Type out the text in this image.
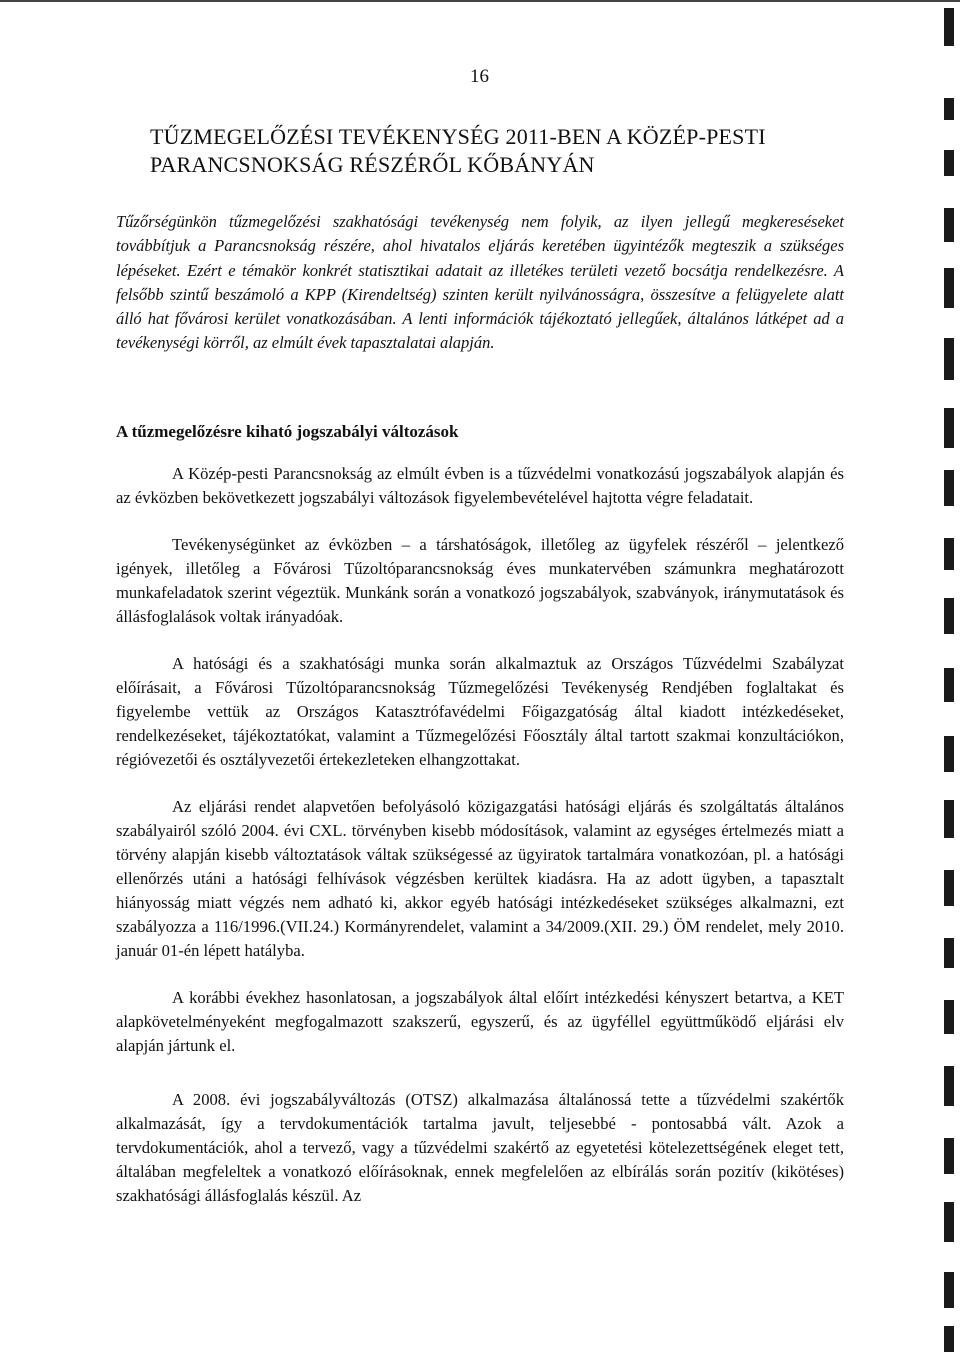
16
TŰZMEGELŐZÉSI TEVÉKENYSÉG 2011-BEN A KÖZÉP-PESTI
PARANCSNOKSÁG RÉSZÉRŐL KŐBÁNYÁN
Tűzőrségünkön tűzmegelőzési szakhatósági tevékenység nem folyik, az ilyen jellegű megkereséseket továbbítjuk a Parancsnokság részére, ahol hivatalos eljárás keretében ügyintézők megteszik a szükséges lépéseket. Ezért e témakör konkrét statisztikai adatait az illetékes területi vezető bocsátja rendelkezésre. A felsőbb szintű beszámoló a KPP (Kirendeltség) szinten került nyilvánosságra, összesítve a felügyelete alatt álló hat fővárosi kerület vonatkozásában. A lenti információk tájékoztató jellegűek, általános látképet ad a tevékenységi körről, az elmúlt évek tapasztalatai alapján.
A tűzmegelőzésre kiható jogszabályi változások

A Közép-pesti Parancsnokság az elmúlt évben is a tűzvédelmi vonatkozású jogszabályok alapján és az évközben bekövetkezett jogszabályi változások figyelembevételével hajtotta végre feladatait.

Tevékenységünket az évközben – a társhatóságok, illetőleg az ügyfelek részéről – jelentkező igények, illetőleg a Fővárosi Tűzoltóparancsnokság éves munkatervében számunkra meghatározott munkafeladatok szerint végeztük. Munkánk során a vonatkozó jogszabályok, szabványok, iránymutatások és állásfoglalások voltak irányadóak.

A hatósági és a szakhatósági munka során alkalmaztuk az Országos Tűzvédelmi Szabályzat előírásait, a Fővárosi Tűzoltóparancsnokság Tűzmegelőzési Tevékenység Rendjében foglaltakat és figyelembe vettük az Országos Katasztrófavédelmi Főigazgatóság által kiadott intézkedéseket, rendelkezéseket, tájékoztatókat, valamint a Tűzmegelőzési Főosztály által tartott szakmai konzultációkon, régióvezetői és osztályvezetői értekezleteken elhangzottakat.

Az eljárási rendet alapvetően befolyásoló közigazgatási hatósági eljárás és szolgáltatás általános szabályairól szóló 2004. évi CXL. törvényben kisebb módosítások, valamint az egységes értelmezés miatt a törvény alapján kisebb változtatások váltak szükségessé az ügyiratok tartalmára vonatkozóan, pl. a hatósági ellenőrzés utáni a hatósági felhívások végzésben kerültek kiadásra. Ha az adott ügyben, a tapasztalt hiányosság miatt végzés nem adható ki, akkor egyéb hatósági intézkedéseket szükséges alkalmazni, ezt szabályozza a 116/1996.(VII.24.) Kormányrendelet, valamint a 34/2009.(XII. 29.) ÖM rendelet, mely 2010. január 01-én lépett hatályba.

A korábbi évekhez hasonlatosan, a jogszabályok által előírt intézkedési kényszert betartva, a KET alapkövetelményeként megfogalmazott szakszerű, egyszerű, és az ügyféllel együttműködő eljárási elv alapján jártunk el.

A 2008. évi jogszabályváltozás (OTSZ) alkalmazása általánossá tette a tűzvédelmi szakértők alkalmazását, így a tervdokumentációk tartalma javult, teljesebbé - pontosabbá vált. Azok a tervdokumentációk, ahol a tervező, vagy a tűzvédelmi szakértő az egyetetési kötelezettségének eleget tett, általában megfeleltek a vonatkozó előírásoknak, ennek megfelelően az elbírálás során pozitív (kikötéses) szakhatósági állásfoglalás készül. Az
